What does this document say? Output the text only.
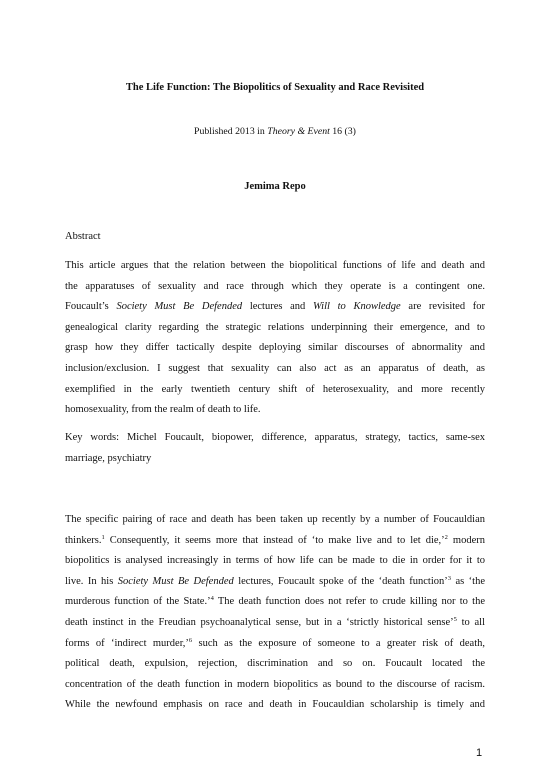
The Life Function: The Biopolitics of Sexuality and Race Revisited
Published 2013 in Theory & Event 16 (3)
Jemima Repo
Abstract
This article argues that the relation between the biopolitical functions of life and death and
the apparatuses of sexuality and race through which they operate is a contingent one.
Foucault’s Society Must Be Defended lectures and Will to Knowledge are revisited for
genealogical clarity regarding the strategic relations underpinning their emergence, and to
grasp how they differ tactically despite deploying similar discourses of abnormality and
inclusion/exclusion. I suggest that sexuality can also act as an apparatus of death, as
exemplified in the early twentieth century shift of heterosexuality, and more recently
homosexuality, from the realm of death to life.
Key words: Michel Foucault, biopower, difference, apparatus, strategy, tactics, same-sex
marriage, psychiatry
The specific pairing of race and death has been taken up recently by a number of Foucauldian
thinkers.$^1$ Consequently, it seems more that instead of ‘to make live and to let die,’$^2$ modern
biopolitics is analysed increasingly in terms of how life can be made to die in order for it to
live. In his Society Must Be Defended lectures, Foucault spoke of the ‘death function’$^3$ as ‘the
murderous function of the State.’$^4$ The death function does not refer to crude killing nor to the
death instinct in the Freudian psychoanalytical sense, but in a ‘strictly historical sense’$^5$ to all
forms of ‘indirect murder,’$^6$ such as the exposure of someone to a greater risk of death,
political death, expulsion, rejection, discrimination and so on. Foucault located the
concentration of the death function in modern biopolitics as bound to the discourse of racism.
While the newfound emphasis on race and death in Foucauldian scholarship is timely and
1
